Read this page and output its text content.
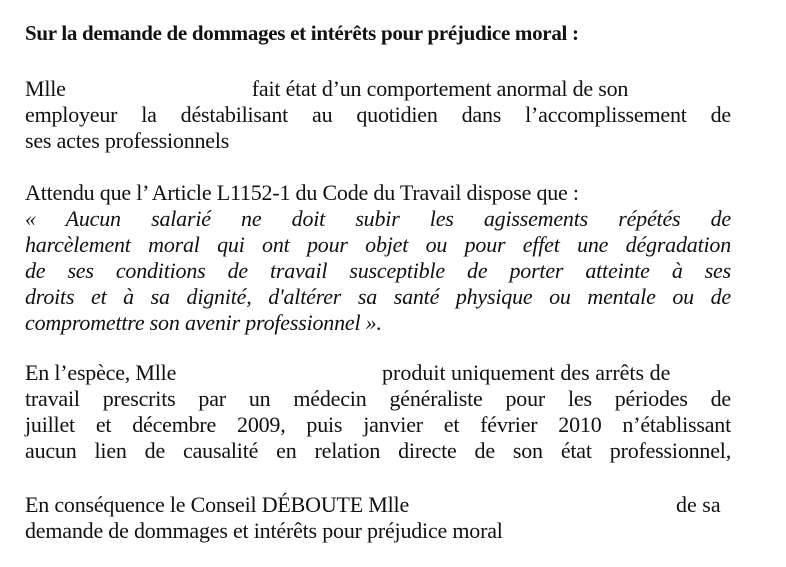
Sur la demande de dommages et intérêts pour préjudice moral :
Mlle	fait état d’un comportement anormal de son
employeur la déstabilisant au quotidien dans l’accomplissement de
ses actes professionnels
Attendu que l’ Article L1152-1 du Code du Travail dispose que :
« Aucun salarié ne doit subir les agissements répétés de
harcèlement moral qui ont pour objet ou pour effet une dégradation
de ses conditions de travail susceptible de porter atteinte à ses
droits et à sa dignité, d'altérer sa santé physique ou mentale ou de
compromettre son avenir professionnel ».
En l’espèce, Mlle	produit uniquement des arrêts de
travail prescrits par un médecin généraliste pour les périodes de
juillet et décembre 2009, puis janvier et février 2010 n’établissant
aucun lien de causalité en relation directe de son état professionnel,
En conséquence le Conseil DÉBOUTE Mlle	de sa
demande de dommages et intérêts pour préjudice moral
